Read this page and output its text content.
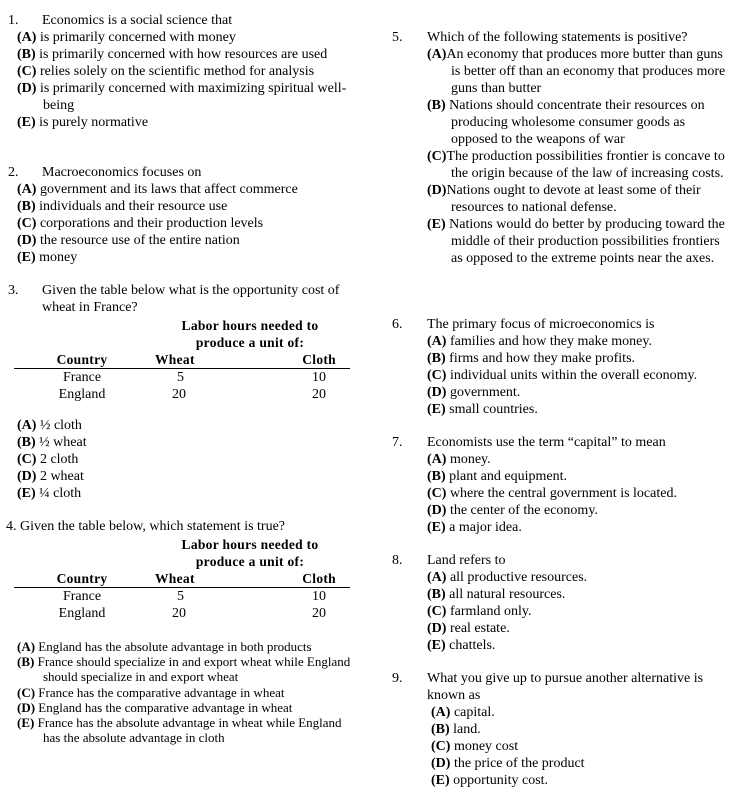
1.	Economics is a social science that
(A) is primarily concerned with money
(B) is primarily concerned with how resources are used
(C) relies solely on the scientific method for analysis
(D) is primarily concerned with maximizing spiritual well-being
(E) is purely normative
2.	Macroeconomics focuses on
(A) government and its laws that affect commerce
(B) individuals and their resource use
(C) corporations and their production levels
(D) the resource use of the entire nation
(E) money
3.	Given the table below what is the opportunity cost of wheat in France?
	Labor hours needed to	
	produce a unit of:	
Country	Wheat	Cloth
France	5	10
England	20	20
(A) ½ cloth
(B) ½ wheat
(C) 2 cloth
(D) 2 wheat
(E) ¼ cloth
4. Given the table below, which statement is true?
	Labor hours needed to	
	produce a unit of:	
Country	Wheat	Cloth
France	5	10
England	20	20
(A) England has the absolute advantage in both products
(B) France should specialize in and export wheat while England should specialize in and export wheat
(C) France has the comparative advantage in wheat
(D) England has the comparative advantage in wheat
(E) France has the absolute advantage in wheat while England has the absolute advantage in cloth
5.	Which of the following statements is positive?
(A)An economy that produces more butter than guns is better off than an economy that produces more guns than butter
(B) Nations should concentrate their resources on producing wholesome consumer goods as opposed to the weapons of war
(C)The production possibilities frontier is concave to the origin because of the law of increasing costs.
(D)Nations ought to devote at least some of their resources to national defense.
(E) Nations would do better by producing toward the middle of their production possibilities frontiers as opposed to the extreme points near the axes.
6.	The primary focus of microeconomics is
(A) families and how they make money.
(B) firms and how they make profits.
(C) individual units within the overall economy.
(D) government.
(E) small countries.
7.	Economists use the term “capital” to mean
(A) money.
(B) plant and equipment.
(C) where the central government is located.
(D) the center of the economy.
(E) a major idea.
8.	Land refers to
(A) all productive resources.
(B) all natural resources.
(C) farmland only.
(D) real estate.
(E) chattels.
9.	What you give up to pursue another alternative is known as
(A) capital.
(B) land.
(C) money cost
(D) the price of the product
(E) opportunity cost.
